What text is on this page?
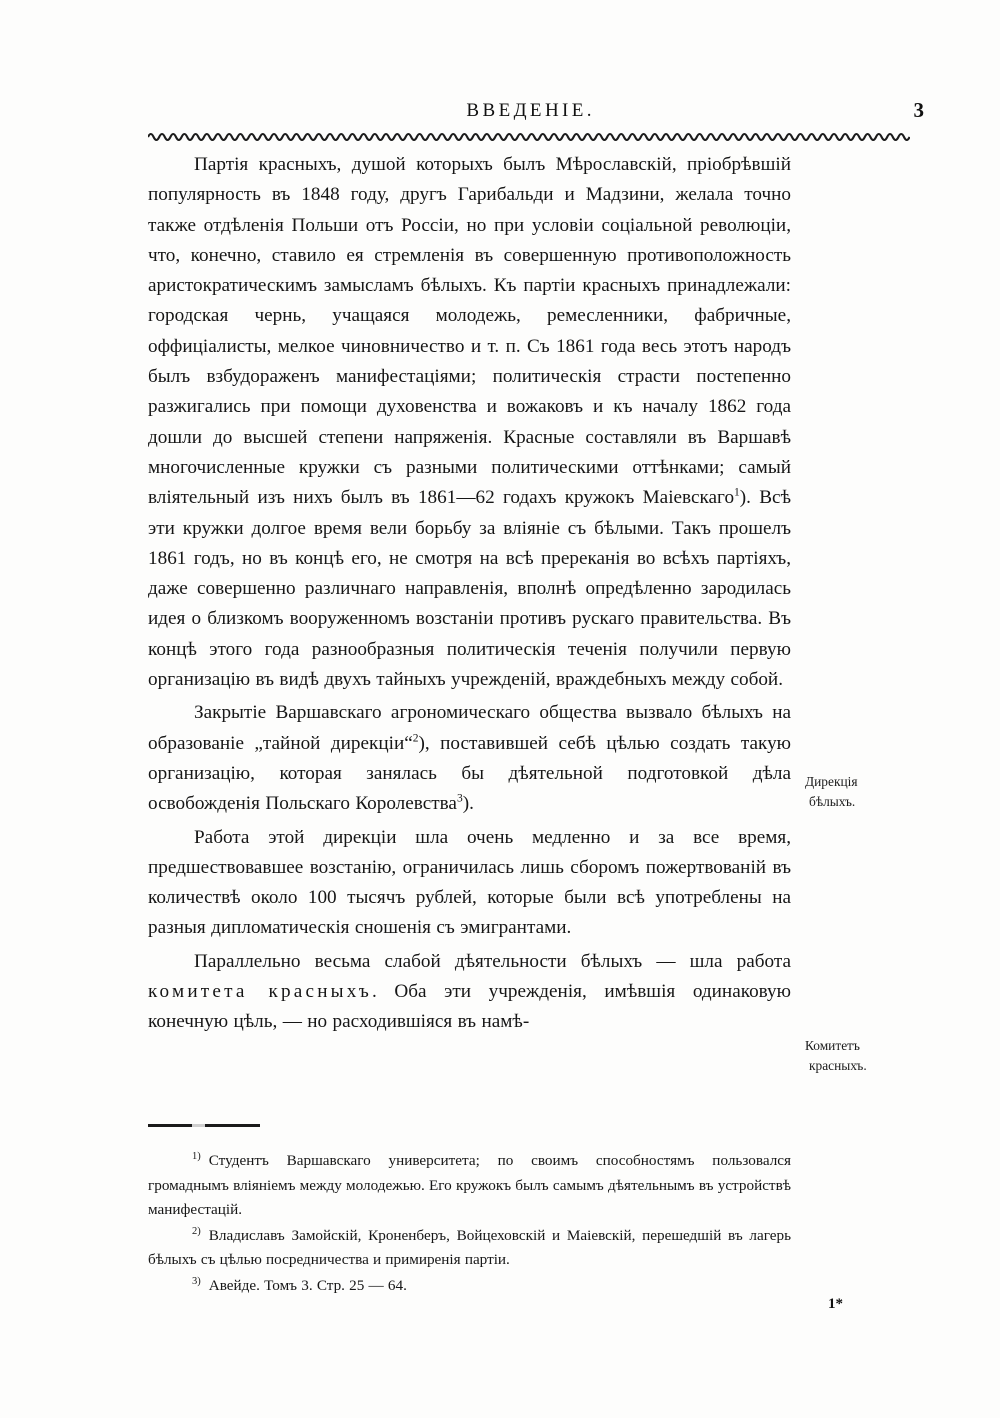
ВВЕДЕНІЕ.	3

Партія красныхъ, душой которыхъ былъ Мѣрославскій, пріобрѣвшій популярность въ 1848 году, другъ Гарибальди и Мадзини, желала точно также отдѣленія Польши отъ Россіи, но при условіи соціальной революціи, что, конечно, ставило ея стремленія въ совершенную противоположность аристократическимъ замысламъ бѣлыхъ. Къ партіи красныхъ принадлежали: городская чернь, учащаяся молодежь, ремесленники, фабричные, оффиціалисты, мелкое чиновничество и т. п. Съ 1861 года весь этотъ народъ былъ взбудораженъ манифестаціями; политическія страсти постепенно разжигались при помощи духовенства и вожаковъ и къ началу 1862 года дошли до высшей степени напряженія. Красные составляли въ Варшавѣ многочисленные кружки съ разными политическими оттѣнками; самый вліятельный изъ нихъ былъ въ 1861—62 годахъ кружокъ Маіевскаго$^1$). Всѣ эти кружки долгое время вели борьбу за вліяніе съ бѣлыми. Такъ прошелъ 1861 годъ, но въ концѣ его, не смотря на всѣ пререканія во всѣхъ партіяхъ, даже совершенно различнаго направленія, вполнѣ опредѣленно зародилась идея о близкомъ вооруженномъ возстаніи противъ рускаго правительства. Въ концѣ этого года разнообразныя политическія теченія получили первую организацію въ видѣ двухъ тайныхъ учрежденій, враждебныхъ между собой.

Закрытіе Варшавскаго агрономическаго общества вызвало бѣлыхъ на образованіе „тайной дирекціи“$^2$), поставившей себѣ цѣлью создать такую организацію, которая занялась бы дѣятельной подготовкой дѣла освобожденія Польскаго Королевства$^3$).

Работа этой дирекціи шла очень медленно и за все время, предшествовавшее возстанію, ограничилась лишь сборомъ пожертвованій въ количествѣ около 100 тысячъ рублей, которые были всѣ употреблены на разныя дипломатическія сношенія съ эмигрантами.

Параллельно весьма слабой дѣятельности бѣлыхъ — шла работа комитета красныхъ. Оба эти учрежденія, имѣвшія одинаковую конечную цѣль, — но расходившіяся въ намѣ-

Дирекція
бѣлыхъ.
Комитетъ
красныхъ.

$^{1)}$ Студентъ Варшавскаго университета; по своимъ способностямъ пользовался громаднымъ вліяніемъ между молодежью. Его кружокъ былъ самымъ дѣятельнымъ въ устройствѣ манифестацій.

$^{2)}$ Владиславъ Замойскій, Кроненберъ, Войцеховскій и Маіевскій, перешедшій въ лагерь бѣлыхъ съ цѣлью посредничества и примиренія партіи.

$^{3)}$ Авейде. Томъ 3. Стр. 25 — 64.

1*
